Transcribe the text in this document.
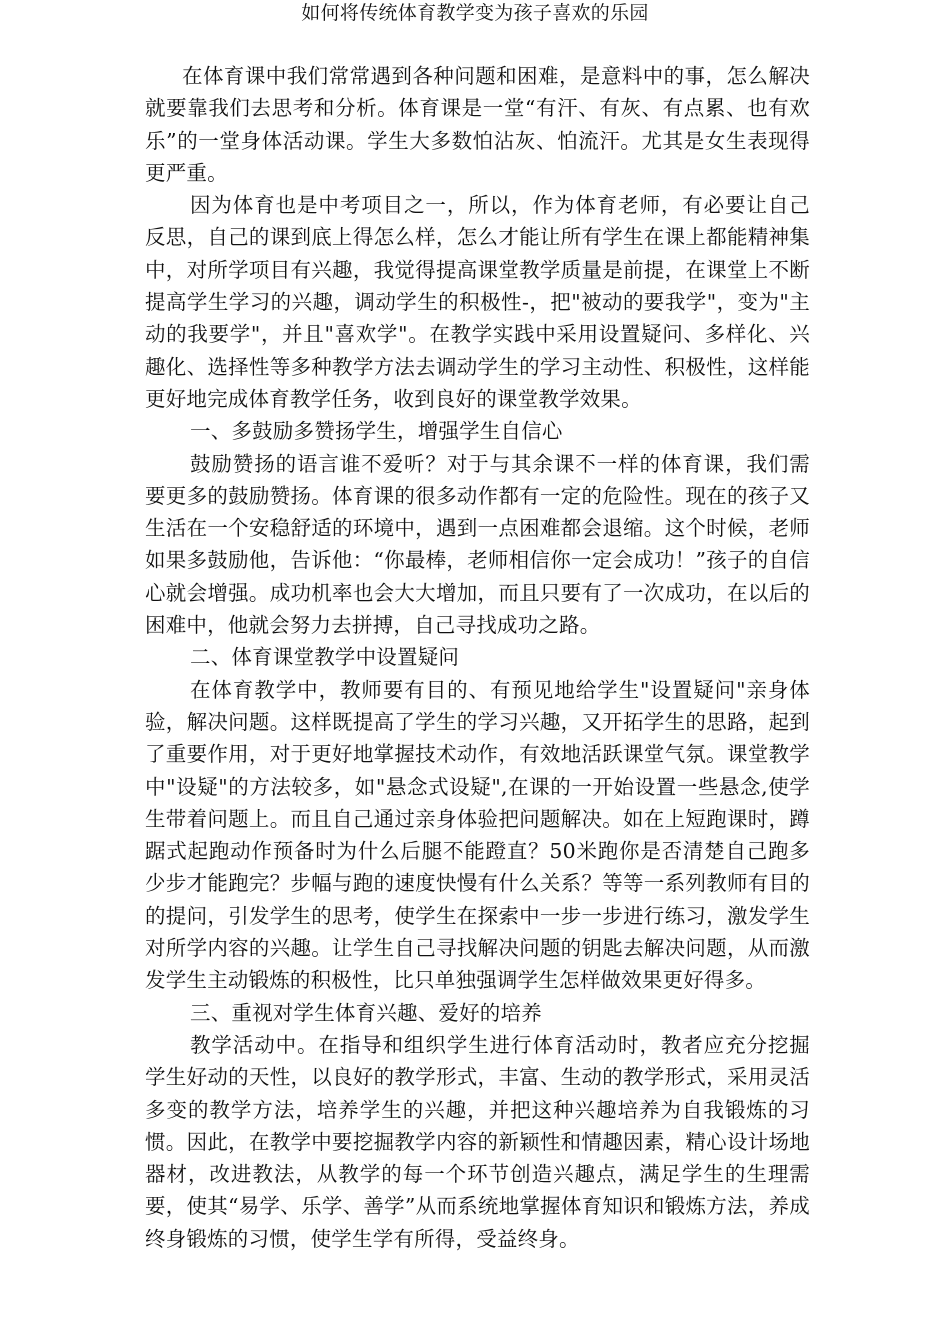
如何将传统体育教学变为孩子喜欢的乐园

在体育课中我们常常遇到各种问题和困难，是意料中的事，怎么解决就要靠我们去思考和分析。体育课是一堂“有汗、有灰、有点累、也有欢乐”的一堂身体活动课。学生大多数怕沾灰、怕流汗。尤其是女生表现得更严重。

因为体育也是中考项目之一，所以，作为体育老师，有必要让自己反思，自己的课到底上得怎么样，怎么才能让所有学生在课上都能精神集中，对所学项目有兴趣，我觉得提高课堂教学质量是前提，在课堂上不断提高学生学习的兴趣，调动学生的积极性-，把"被动的要我学"，变为"主动的我要学"，并且"喜欢学"。在教学实践中采用设置疑问、多样化、兴趣化、选择性等多种教学方法去调动学生的学习主动性、积极性，这样能更好地完成体育教学任务，收到良好的课堂教学效果。

一、多鼓励多赞扬学生，增强学生自信心

鼓励赞扬的语言谁不爱听？对于与其余课不一样的体育课，我们需要更多的鼓励赞扬。体育课的很多动作都有一定的危险性。现在的孩子又生活在一个安稳舒适的环境中，遇到一点困难都会退缩。这个时候，老师如果多鼓励他，告诉他：“你最棒，老师相信你一定会成功！”孩子的自信心就会增强。成功机率也会大大增加，而且只要有了一次成功，在以后的困难中，他就会努力去拼搏，自己寻找成功之路。

二、体育课堂教学中设置疑问

在体育教学中，教师要有目的、有预见地给学生"设置疑问"亲身体验，解决问题。这样既提高了学生的学习兴趣，又开拓学生的思路，起到了重要作用，对于更好地掌握技术动作，有效地活跃课堂气氛。课堂教学中"设疑"的方法较多，如"悬念式设疑",在课的一开始设置一些悬念,使学生带着问题上。而且自己通过亲身体验把问题解决。如在上短跑课时，蹲踞式起跑动作预备时为什么后腿不能蹬直？50米跑你是否清楚自己跑多少步才能跑完？步幅与跑的速度快慢有什么关系？等等一系列教师有目的的提问，引发学生的思考，使学生在探索中一步一步进行练习，激发学生对所学内容的兴趣。让学生自己寻找解决问题的钥匙去解决问题，从而激发学生主动锻炼的积极性，比只单独强调学生怎样做效果更好得多。

三、重视对学生体育兴趣、爱好的培养

教学活动中。在指导和组织学生进行体育活动时，教者应充分挖掘学生好动的天性，以良好的教学形式，丰富、生动的教学形式，采用灵活多变的教学方法，培养学生的兴趣，并把这种兴趣培养为自我锻炼的习惯。因此，在教学中要挖掘教学内容的新颖性和情趣因素，精心设计场地器材，改进教法，从教学的每一个环节创造兴趣点，满足学生的生理需要，使其“易学、乐学、善学”从而系统地掌握体育知识和锻炼方法，养成终身锻炼的习惯，使学生学有所得，受益终身。
